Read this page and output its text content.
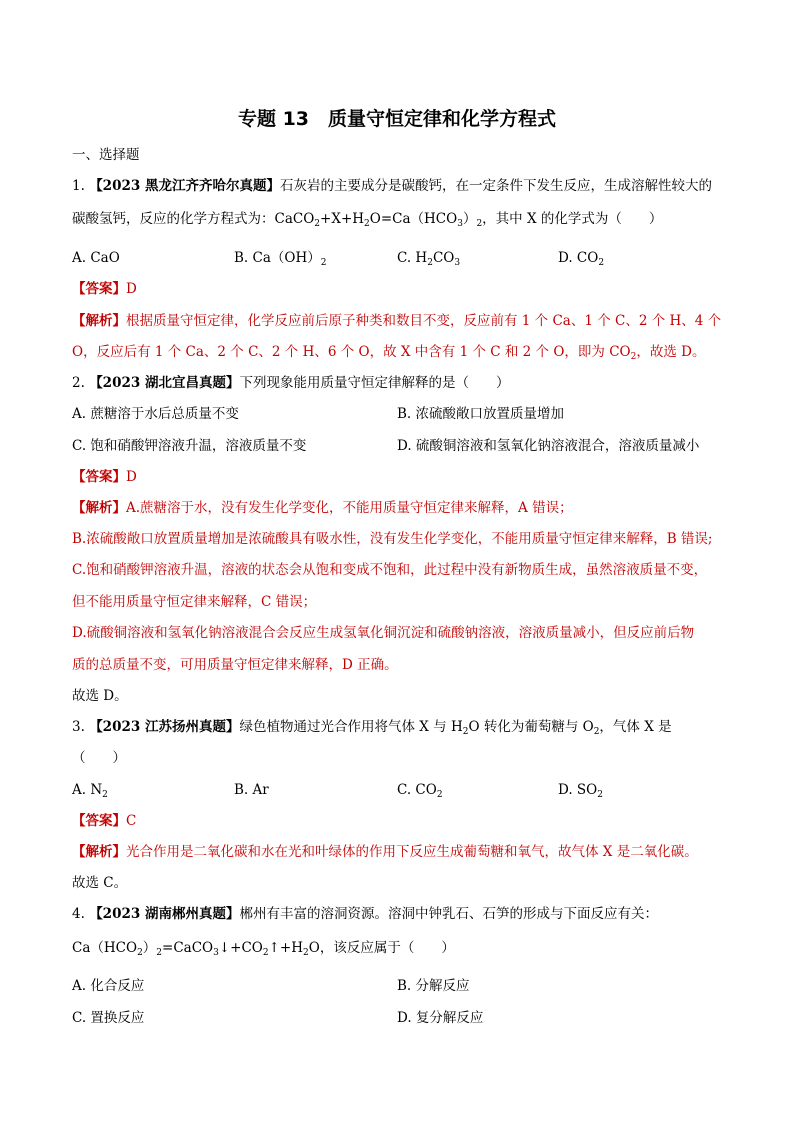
专题 13　质量守恒定律和化学方程式
一、选择题
1. 【2023 黑龙江齐齐哈尔真题】石灰岩的主要成分是碳酸钙，在一定条件下发生反应，生成溶解性较大的
碳酸氢钙，反应的化学方程式为：$CaCO_2+X+H_2O=Ca(HCO_3)_2$，其中 X 的化学式为（　　）
A. CaO	B. $Ca(OH)_2$	C. $H_2CO_3$	D. $CO_2$
【答案】D
【解析】根据质量守恒定律，化学反应前后原子种类和数目不变，反应前有 1 个 Ca、1 个 C、2 个 H、4 个
O，反应后有 1 个 Ca、2 个 C、2 个 H、6 个 O，故 X 中含有 1 个 C 和 2 个 O，即为 $CO_2$，故选 D。
2. 【2023 湖北宜昌真题】下列现象能用质量守恒定律解释的是（　　）
A. 蔗糖溶于水后总质量不变	B. 浓硫酸敞口放置质量增加
C. 饱和硝酸钾溶液升温，溶液质量不变	D. 硫酸铜溶液和氢氧化钠溶液混合，溶液质量减小
【答案】D
【解析】A.蔗糖溶于水，没有发生化学变化，不能用质量守恒定律来解释，A 错误；
B.浓硫酸敞口放置质量增加是浓硫酸具有吸水性，没有发生化学变化，不能用质量守恒定律来解释，B 错误;
C.饱和硝酸钾溶液升温，溶液的状态会从饱和变成不饱和，此过程中没有新物质生成，虽然溶液质量不变，
但不能用质量守恒定律来解释，C 错误；
D.硫酸铜溶液和氢氧化钠溶液混合会反应生成氢氧化铜沉淀和硫酸钠溶液，溶液质量减小，但反应前后物
质的总质量不变，可用质量守恒定律来解释，D 正确。
故选 D。
3. 【2023 江苏扬州真题】绿色植物通过光合作用将气体 X 与 $H_2O$ 转化为葡萄糖与 $O_2$，气体 X 是
（　　）
A. $N_2$	B. Ar	C. $CO_2$	D. $SO_2$
【答案】C
【解析】光合作用是二氧化碳和水在光和叶绿体的作用下反应生成葡萄糖和氧气，故气体 X 是二氧化碳。
故选 C。
4. 【2023 湖南郴州真题】郴州有丰富的溶洞资源。溶洞中钟乳石、石笋的形成与下面反应有关：
$Ca(HCO_2)_2=CaCO_3↓+CO_2↑+H_2O$，该反应属于（　　）
A. 化合反应	B. 分解反应
C. 置换反应	D. 复分解反应
